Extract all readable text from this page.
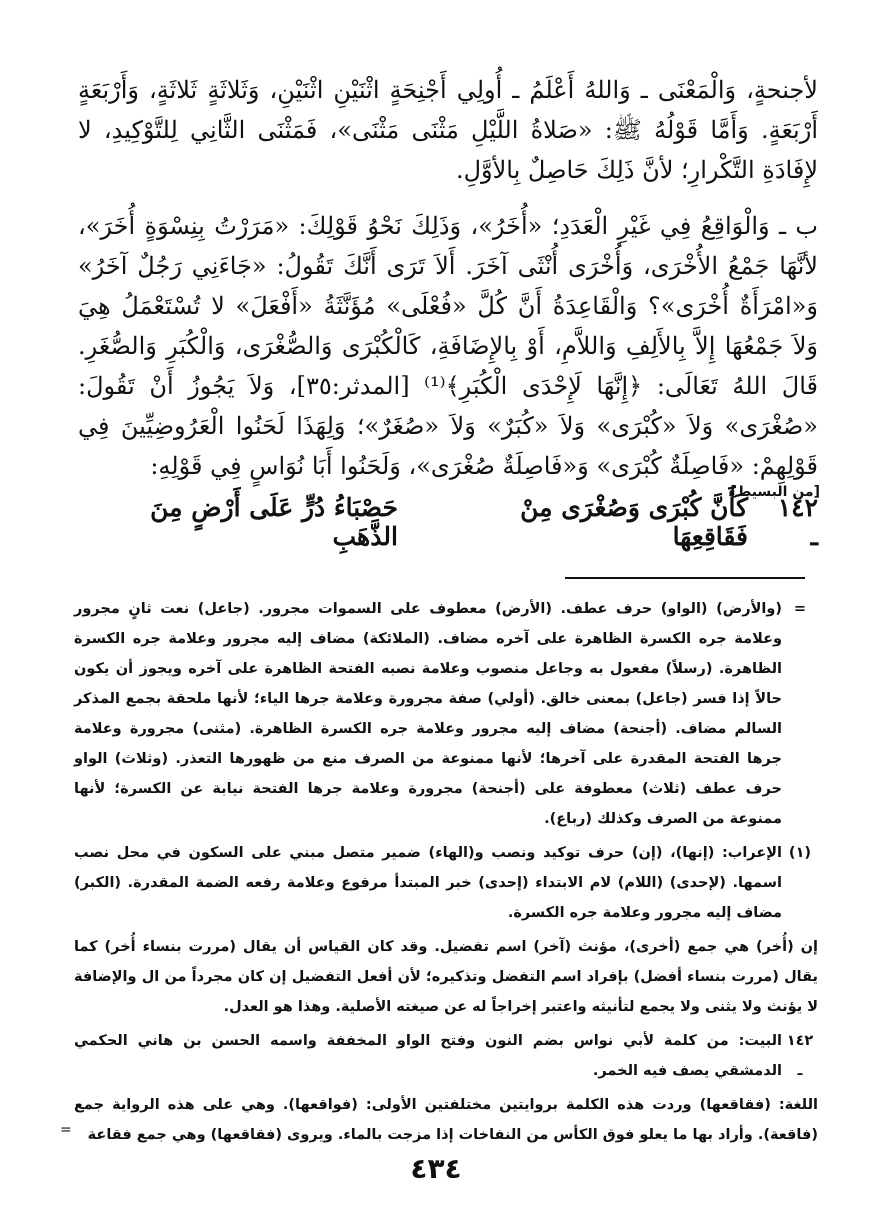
لأجنحةٍ، وَالْمَعْنَى ـ وَاللهُ أَعْلَمُ ـ أُولِي أَجْنِحَةٍ اثْنَيْنِ اثْنَيْنِ، وَثَلاثَةٍ ثَلاثَةٍ، وَأَرْبَعَةٍ أَرْبَعَةٍ. وَأَمَّا قَوْلُهُ ﷺ: «صَلاةُ اللَّيْلِ مَثْنَى مَثْنَى»، فَمَثْنَى الثَّانِي لِلتَّوْكِيدِ، لا لإِفَادَةِ التَّكْرارِ؛ لأنَّ ذَلِكَ حَاصِلٌ بِالأوَّلِ.

ب ـ وَالْوَاقِعُ فِي غَيْرِ الْعَدَدِ؛ «أُخَرُ»، وَذَلِكَ نَحْوُ قَوْلِكَ: «مَرَرْتُ بِنِسْوَةٍ أُخَرَ»، لأنَّهَا جَمْعُ الأُخْرَى، وَأُخْرَى أُنْثَى آخَرَ. أَلاَ تَرَى أَنَّكَ تَقُولُ: «جَاءَنِي رَجُلٌ آخَرُ» وَ«امْرَأَةٌ أُخْرَى»؟ وَالْقَاعِدَةُ أَنَّ كُلَّ «فُعْلَى» مُؤَنَّثَةُ «أَفْعَلَ» لا تُسْتَعْمَلُ هِيَ وَلاَ جَمْعُهَا إِلاَّ بِالأَلِفِ وَاللاَّمِ، أَوْ بِالإِضَافَةِ، كَالْكُبْرَى وَالصُّغْرَى، وَالْكُبَرِ وَالصُّغَرِ. قَالَ اللهُ تَعَالَى: ﴿إِنَّهَا لَإِحْدَى الْكُبَرِ﴾⁽¹⁾ [المدثر:٣٥]، وَلاَ يَجُوزُ أَنْ تَقُولَ: «صُغْرَى» وَلاَ «كُبْرَى» وَلاَ «كُبَرٌ» وَلاَ «صُغَرٌ»؛ وَلِهَذَا لَحَنُوا الْعَرُوضِيِّينَ فِي قَوْلِهِمْ: «فَاصِلَةٌ كُبْرَى» وَ«فَاصِلَةٌ صُغْرَى»، وَلَحَنُوا أَبَا نُوَاسٍ فِي قَوْلِهِ:

[من البسيط]
١٤٢ ـ
كَأَنَّ كُبْرَى وَصُغْرَى مِنْ فَقَاقِعِهَا
حَصْبَاءُ دُرٍّ عَلَى أَرْضٍ مِنَ الذَّهَبِ
=
(والأرض) (الواو) حرف عطف. (الأرض) معطوف على السموات مجرور. (جاعل) نعت ثانٍ مجرور وعلامة جره الكسرة الظاهرة على آخره مضاف. (الملائكة) مضاف إليه مجرور وعلامة جره الكسرة الظاهرة. (رسلاً) مفعول به وجاعل منصوب وعلامة نصبه الفتحة الظاهرة على آخره ويجوز أن يكون حالاً إذا فسر (جاعل) بمعنى خالق. (أولي) صفة مجرورة وعلامة جرها الياء؛ لأنها ملحقة بجمع المذكر السالم مضاف. (أجنحة) مضاف إليه مجرور وعلامة جره الكسرة الظاهرة. (مثنى) مجرورة وعلامة جرها الفتحة المقدرة على آخرها؛ لأنها ممنوعة من الصرف منع من ظهورها التعذر. (وثلاث) الواو حرف عطف (ثلاث) معطوفة على (أجنحة) مجرورة وعلامة جرها الفتحة نيابة عن الكسرة؛ لأنها ممنوعة من الصرف وكذلك (رباع).
(١)
الإعراب: (إنها)، (إن) حرف توكيد ونصب و(الهاء) ضمير متصل مبني على السكون في محل نصب اسمها. (لإحدى) (اللام) لام الابتداء (إحدى) خبر المبتدأ مرفوع وعلامة رفعه الضمة المقدرة. (الكبر) مضاف إليه مجرور وعلامة جره الكسرة.
إن (أُخر) هي جمع (أخرى)، مؤنث (آخر) اسم تفضيل. وقد كان القياس أن يقال (مررت بنساء أُخر) كما يقال (مررت بنساء أفضل) بإفراد اسم التفضل وتذكيره؛ لأن أفعل التفضيل إن كان مجرداً من ال والإضافة لا يؤنث ولا يثنى ولا يجمع لتأنيثه واعتبر إخراجاً له عن صيغته الأصلية. وهذا هو العدل.
١٤٢ ـ
البيت: من كلمة لأبي نواس بضم النون وفتح الواو المخففة واسمه الحسن بن هاني الحكمي الدمشقي يصف فيه الخمر.
اللغة: (فقاقعها) وردت هذه الكلمة بروايتين مختلفتين الأولى: (فواقعها). وهي على هذه الرواية جمع (فاقعة). وأراد بها ما يعلو فوق الكأس من النفاخات إذا مزجت بالماء. ويروى (فقاقعها) وهي جمع فقاعة
=
٤٣٤
